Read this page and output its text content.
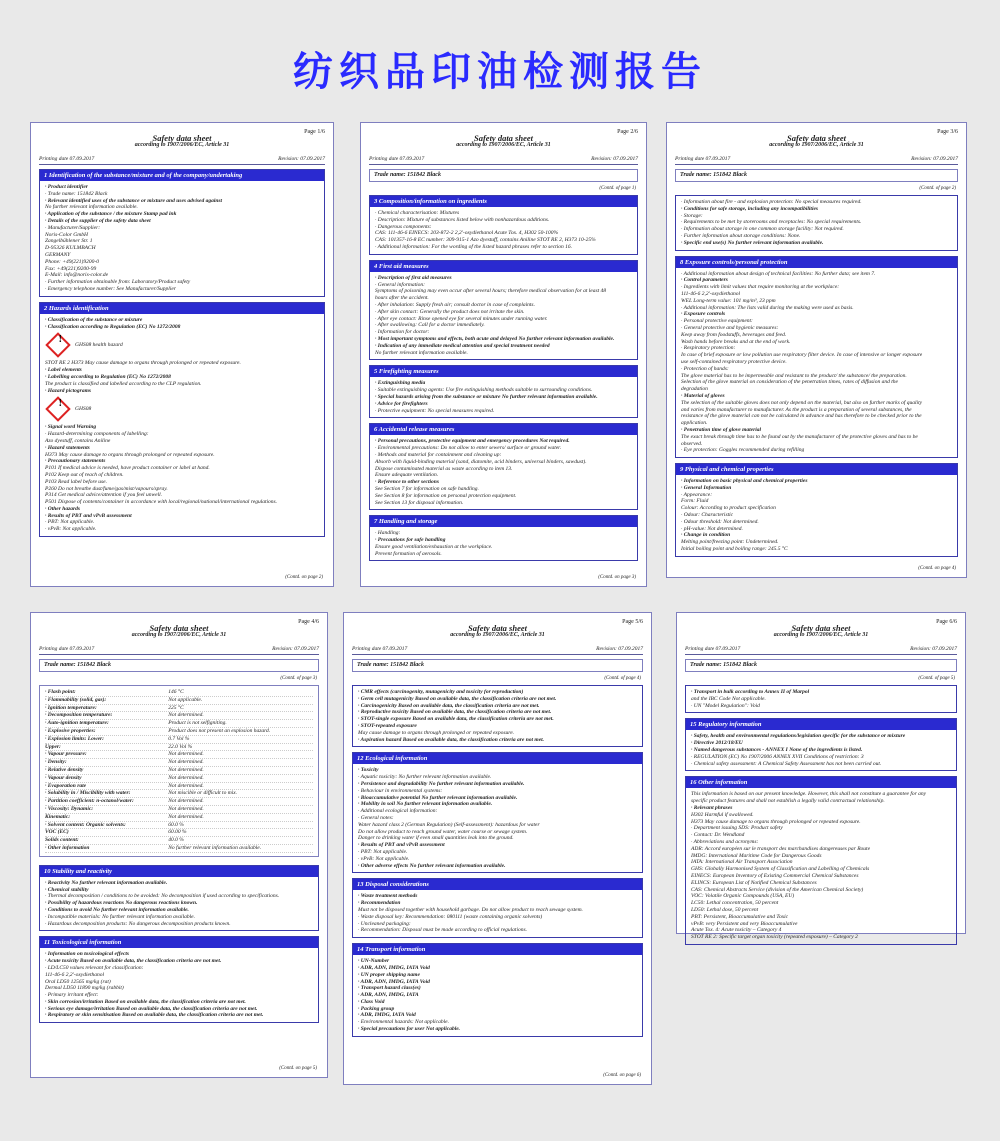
纺织品印油检测报告
Page 1/6
Safety data sheet
according to 1907/2006/EC, Article 31
Printing date 07.09.2017	Revision: 07.09.2017
1 Identification of the substance/mixture and of the company/undertaking
· Product identifier
· Trade name: 151842 Black
· Relevant identified uses of the substance or mixture and uses advised against
No further relevant information available.
· Application of the substance / the mixture Stamp pad ink
· Details of the supplier of the safety data sheet
· Manufacturer/Supplier:
Noris-Color GmbH
Zangelbühlener Str. 1
D-95326 KULMBACH
GERMANY
Phone: +49(221)9200-0
Fax: +49(221)9200-99
E-Mail: info@noris-color.de
· Further information obtainable from: Laboratory/Product safety
· Emergency telephone number: See Manufacturer/Supplier
2 Hazards identification
· Classification of the substance or mixture
· Classification according to Regulation (EC) No 1272/2008
!
GHS08 health hazard
STOT RE 2 H373 May cause damage to organs through prolonged or repeated exposure.
· Label elements
· Labelling according to Regulation (EC) No 1272/2008
The product is classified and labelled according to the CLP regulation.
· Hazard pictograms
!
GHS08
· Signal word Warning
· Hazard-determining components of labelling:
Azo dyestuff, contains Aniline
· Hazard statements
H373 May cause damage to organs through prolonged or repeated exposure.
· Precautionary statements
P101 If medical advice is needed, have product container or label at hand.
P102 Keep out of reach of children.
P103 Read label before use.
P260 Do not breathe dust/fume/gas/mist/vapours/spray.
P314 Get medical advice/attention if you feel unwell.
P501 Dispose of contents/container in accordance with local/regional/national/international regulations.
· Other hazards
· Results of PBT and vPvB assessment
· PBT: Not applicable.
· vPvB: Not applicable.
(Contd. on page 2)
Page 2/6
Safety data sheet
according to 1907/2006/EC, Article 31
Printing date 07.09.2017	Revision: 07.09.2017
Trade name: 151842 Black
(Contd. of page 1)
3 Composition/information on ingredients
· Chemical characterisation: Mixtures
· Description: Mixture of substances listed below with nonhazardous additions.
· Dangerous components:
CAS: 111-46-6 EINECS: 203-872-2 2,2'-oxydiethanol Acute Tox. 4, H302 50-100%
CAS: 101357-16-8 EC number: 309-915-1 Azo dyestuff, contains Aniline STOT RE 2, H373 10-25%
· Additional information: For the wording of the listed hazard phrases refer to section 16.
4 First aid measures
· Description of first aid measures
· General information:
Symptoms of poisoning may even occur after several hours; therefore medical observation for at least 48
hours after the accident.
· After inhalation: Supply fresh air; consult doctor in case of complaints.
· After skin contact: Generally the product does not irritate the skin.
· After eye contact: Rinse opened eye for several minutes under running water.
· After swallowing: Call for a doctor immediately.
· Information for doctor:
· Most important symptoms and effects, both acute and delayed No further relevant information available.
· Indication of any immediate medical attention and special treatment needed
No further relevant information available.
5 Firefighting measures
· Extinguishing media
· Suitable extinguishing agents: Use fire extinguishing methods suitable to surrounding conditions.
· Special hazards arising from the substance or mixture No further relevant information available.
· Advice for firefighters
· Protective equipment: No special measures required.
6 Accidental release measures
· Personal precautions, protective equipment and emergency procedures Not required.
· Environmental precautions: Do not allow to enter sewers/ surface or ground water.
· Methods and material for containment and cleaning up:
Absorb with liquid-binding material (sand, diatomite, acid binders, universal binders, sawdust).
Dispose contaminated material as waste according to item 13.
Ensure adequate ventilation.
· Reference to other sections
See Section 7 for information on safe handling.
See Section 8 for information on personal protection equipment.
See Section 13 for disposal information.
7 Handling and storage
· Handling:
· Precautions for safe handling
Ensure good ventilation/exhaustion at the workplace.
Prevent formation of aerosols.
(Contd. on page 3)
Page 3/6
Safety data sheet
according to 1907/2006/EC, Article 31
Printing date 07.09.2017	Revision: 07.09.2017
Trade name: 151842 Black
(Contd. of page 2)
· Information about fire - and explosion protection: No special measures required.
· Conditions for safe storage, including any incompatibilities
· Storage:
· Requirements to be met by storerooms and receptacles: No special requirements.
· Information about storage in one common storage facility: Not required.
· Further information about storage conditions: None.
· Specific end use(s) No further relevant information available.
8 Exposure controls/personal protection
· Additional information about design of technical facilities: No further data; see item 7.
· Control parameters
· Ingredients with limit values that require monitoring at the workplace:
111-46-6 2,2'-oxydiethanol
WEL Long-term value: 101 mg/m³, 23 ppm
· Additional information: The lists valid during the making were used as basis.
· Exposure controls
· Personal protective equipment:
· General protective and hygienic measures:
Keep away from foodstuffs, beverages and feed.
Wash hands before breaks and at the end of work.
· Respiratory protection:
In case of brief exposure or low pollution use respiratory filter device. In case of intensive or longer exposure
use self-contained respiratory protective device.
· Protection of hands:
The glove material has to be impermeable and resistant to the product/ the substance/ the preparation.
Selection of the glove material on consideration of the penetration times, rates of diffusion and the
degradation
· Material of gloves
The selection of the suitable gloves does not only depend on the material, but also on further marks of quality
and varies from manufacturer to manufacturer. As the product is a preparation of several substances, the
resistance of the glove material can not be calculated in advance and has therefore to be checked prior to the
application.
· Penetration time of glove material
The exact break through time has to be found out by the manufacturer of the protective gloves and has to be
observed.
· Eye protection: Goggles recommended during refilling
9 Physical and chemical properties
· Information on basic physical and chemical properties
· General Information
· Appearance:
Form: Fluid
Colour: According to product specification
· Odour: Characteristic
· Odour threshold: Not determined.
· pH-value: Not determined.
· Change in condition
Melting point/freezing point: Undetermined.
Initial boiling point and boiling range: 245.5 °C
(Contd. on page 4)
Page 4/6
Safety data sheet
according to 1907/2006/EC, Article 31
Printing date 07.09.2017	Revision: 07.09.2017
Trade name: 151842 Black
(Contd. of page 3)
· Flash point:	146 °C
· Flammability (solid, gas):	Not applicable.
· Ignition temperature:	225 °C
· Decomposition temperature:	Not determined.
· Auto-ignition temperature:	Product is not selfigniting.
· Explosive properties:	Product does not present an explosion hazard.
· Explosion limits: Lower:	0.7 Vol %
Upper:	22.0 Vol %
· Vapour pressure:	Not determined.
· Density:	Not determined.
· Relative density	Not determined.
· Vapour density	Not determined.
· Evaporation rate	Not determined.
· Solubility in / Miscibility with water:	Not miscible or difficult to mix.
· Partition coefficient: n-octanol/water:	Not determined.
· Viscosity: Dynamic:	Not determined.
Kinematic:	Not determined.
· Solvent content: Organic solvents:	60.0 %
VOC (EC)	60.00 %
Solids content:	40.0 %
· Other information	No further relevant information available.
10 Stability and reactivity
· Reactivity No further relevant information available.
· Chemical stability
· Thermal decomposition / conditions to be avoided: No decomposition if used according to specifications.
· Possibility of hazardous reactions No dangerous reactions known.
· Conditions to avoid No further relevant information available.
· Incompatible materials: No further relevant information available.
· Hazardous decomposition products: No dangerous decomposition products known.
11 Toxicological information
· Information on toxicological effects
· Acute toxicity Based on available data, the classification criteria are not met.
· LD/LC50 values relevant for classification:
111-46-6 2,2'-oxydiethanol
Oral LD50 12565 mg/kg (rat)
Dermal LD50 11890 mg/kg (rabbit)
· Primary irritant effect:
· Skin corrosion/irritation Based on available data, the classification criteria are not met.
· Serious eye damage/irritation Based on available data, the classification criteria are not met.
· Respiratory or skin sensitisation Based on available data, the classification criteria are not met.
(Contd. on page 5)
Page 5/6
Safety data sheet
according to 1907/2006/EC, Article 31
Printing date 07.09.2017	Revision: 07.09.2017
Trade name: 151842 Black
(Contd. of page 4)
· CMR effects (carcinogenity, mutagenicity and toxicity for reproduction)
· Germ cell mutagenicity Based on available data, the classification criteria are not met.
· Carcinogenicity Based on available data, the classification criteria are not met.
· Reproductive toxicity Based on available data, the classification criteria are not met.
· STOT-single exposure Based on available data, the classification criteria are not met.
· STOT-repeated exposure
May cause damage to organs through prolonged or repeated exposure.
· Aspiration hazard Based on available data, the classification criteria are not met.
12 Ecological information
· Toxicity
· Aquatic toxicity: No further relevant information available.
· Persistence and degradability No further relevant information available.
· Behaviour in environmental systems:
· Bioaccumulative potential No further relevant information available.
· Mobility in soil No further relevant information available.
· Additional ecological information:
· General notes:
Water hazard class 2 (German Regulation) (Self-assessment): hazardous for water
Do not allow product to reach ground water, water course or sewage system.
Danger to drinking water if even small quantities leak into the ground.
· Results of PBT and vPvB assessment
· PBT: Not applicable.
· vPvB: Not applicable.
· Other adverse effects No further relevant information available.
13 Disposal considerations
· Waste treatment methods
· Recommendation
Must not be disposed together with household garbage. Do not allow product to reach sewage system.
· Waste disposal key: Recommendation: 080111 (waste containing organic solvents)
· Uncleaned packaging:
· Recommendation: Disposal must be made according to official regulations.
14 Transport information
· UN-Number
· ADR, ADN, IMDG, IATA Void
· UN proper shipping name
· ADR, ADN, IMDG, IATA Void
· Transport hazard class(es)
· ADR, ADN, IMDG, IATA
· Class Void
· Packing group
· ADR, IMDG, IATA Void
· Environmental hazards: Not applicable.
· Special precautions for user Not applicable.
(Contd. on page 6)
Page 6/6
Safety data sheet
according to 1907/2006/EC, Article 31
Printing date 07.09.2017	Revision: 07.09.2017
Trade name: 151842 Black
(Contd. of page 5)
· Transport in bulk according to Annex II of Marpol
and the IBC Code Not applicable.
· UN "Model Regulation": Void
15 Regulatory information
· Safety, health and environmental regulations/legislation specific for the substance or mixture
· Directive 2012/18/EU
· Named dangerous substances - ANNEX I None of the ingredients is listed.
· REGULATION (EC) No 1907/2006 ANNEX XVII Conditions of restriction: 3
· Chemical safety assessment: A Chemical Safety Assessment has not been carried out.
16 Other information
This information is based on our present knowledge. However, this shall not constitute a guarantee for any
specific product features and shall not establish a legally valid contractual relationship.
· Relevant phrases
H302 Harmful if swallowed.
H373 May cause damage to organs through prolonged or repeated exposure.
· Department issuing SDS: Product safety
· Contact: Dr. Wendland
· Abbreviations and acronyms:
ADR: Accord européen sur le transport des marchandises dangereuses par Route
IMDG: International Maritime Code for Dangerous Goods
IATA: International Air Transport Association
GHS: Globally Harmonised System of Classification and Labelling of Chemicals
EINECS: European Inventory of Existing Commercial Chemical Substances
ELINCS: European List of Notified Chemical Substances
CAS: Chemical Abstracts Service (division of the American Chemical Society)
VOC: Volatile Organic Compounds (USA, EU)
LC50: Lethal concentration, 50 percent
LD50: Lethal dose, 50 percent
PBT: Persistent, Bioaccumulative and Toxic
vPvB: very Persistent and very Bioaccumulative
Acute Tox. 4: Acute toxicity – Category 4
STOT RE 2: Specific target organ toxicity (repeated exposure) – Category 2
